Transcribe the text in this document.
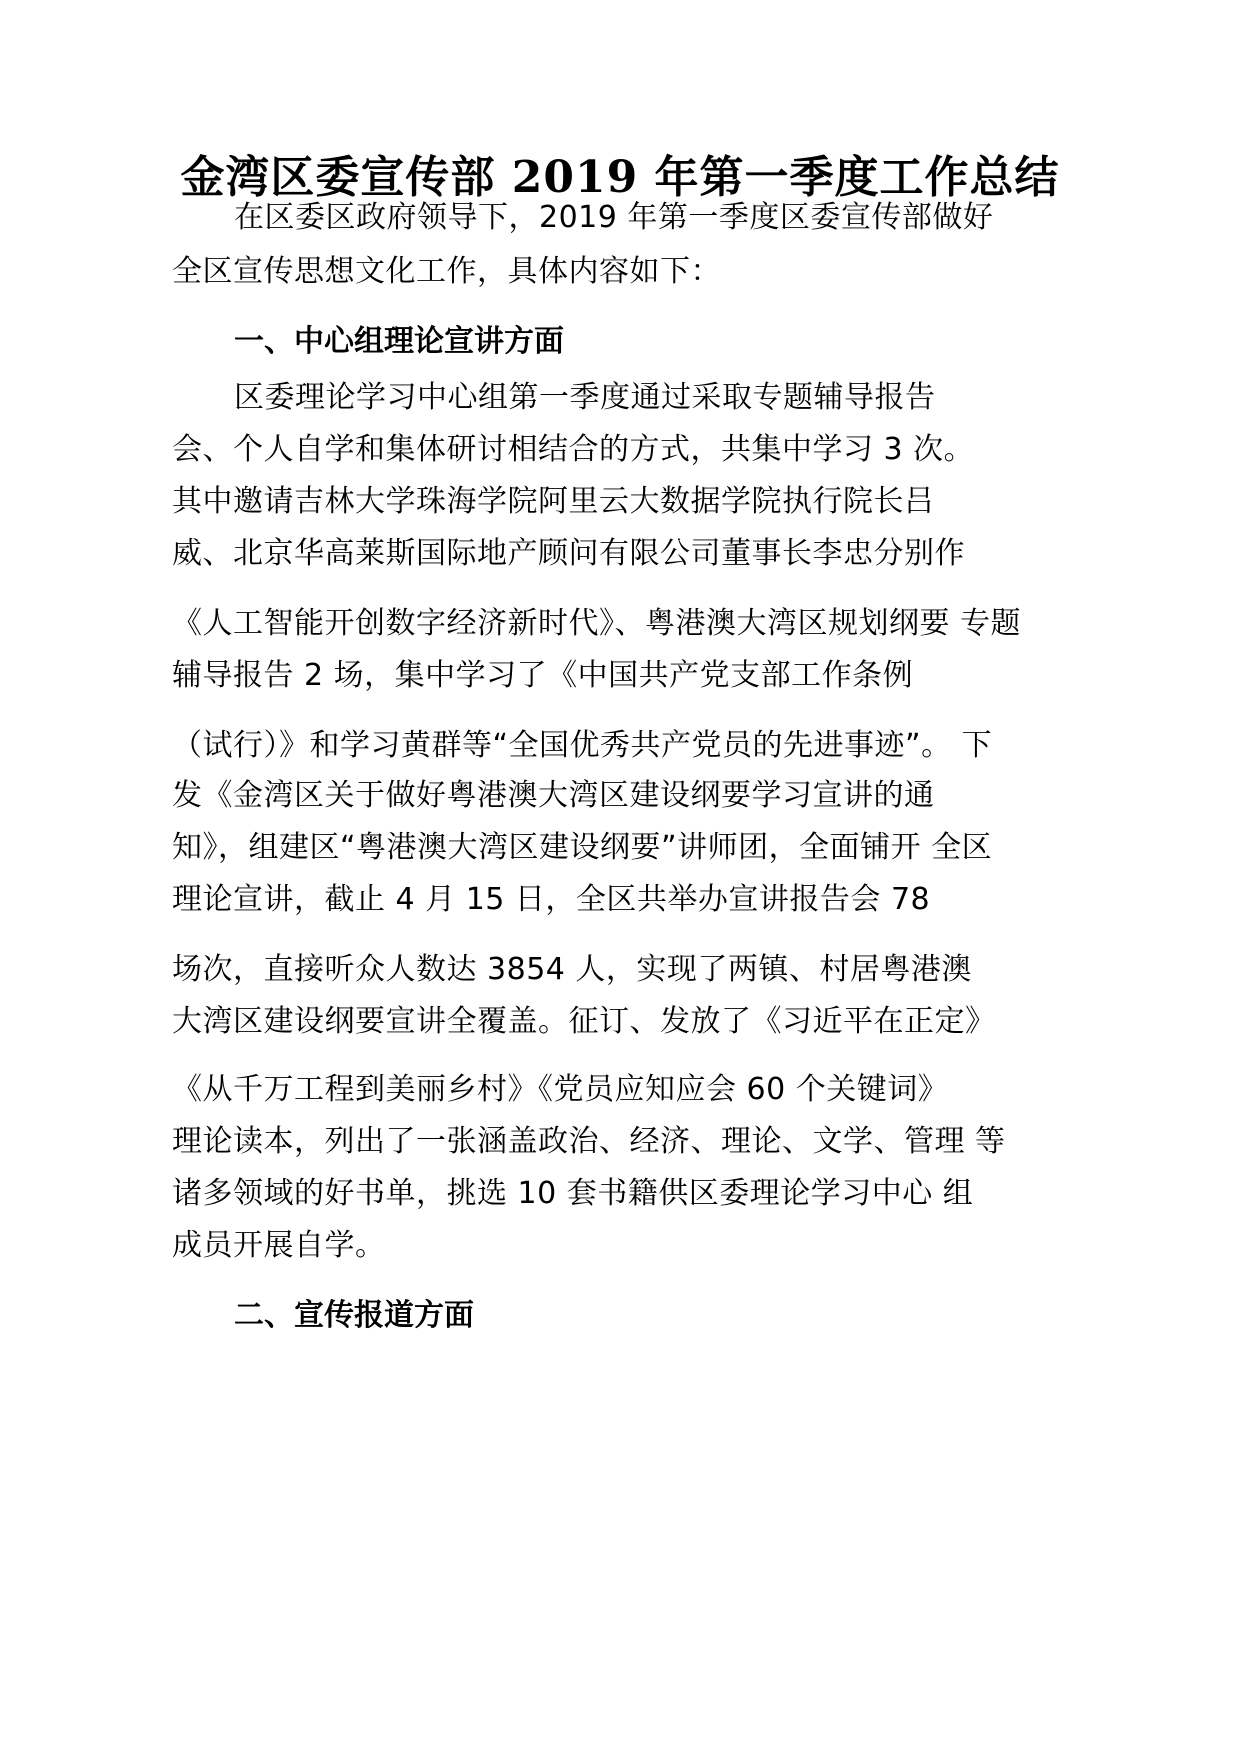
金湾区委宣传部 2019 年第一季度工作总结
在区委区政府领导下，2019 年第一季度区委宣传部做好
全区宣传思想文化工作，具体内容如下：
一、中心组理论宣讲方面
区委理论学习中心组第一季度通过采取专题辅导报告
会、个人自学和集体研讨相结合的方式，共集中学习 3 次。
其中邀请吉林大学珠海学院阿里云大数据学院执行院长吕
威、北京华高莱斯国际地产顾问有限公司董事长李忠分别作
《人工智能开创数字经济新时代》、粤港澳大湾区规划纲要 专题
辅导报告 2 场，集中学习了《中国共产党支部工作条例
（试行）》和学习黄群等“全国优秀共产党员的先进事迹”。 下
发《金湾区关于做好粤港澳大湾区建设纲要学习宣讲的通
知》，组建区“粤港澳大湾区建设纲要”讲师团，全面铺开 全区
理论宣讲，截止 4 月 15 日，全区共举办宣讲报告会 78
场次，直接听众人数达 3854 人，实现了两镇、村居粤港澳
大湾区建设纲要宣讲全覆盖。征订、发放了《习近平在正定》
《从千万工程到美丽乡村》《党员应知应会 60 个关键词》
理论读本，列出了一张涵盖政治、经济、理论、文学、管理 等
诸多领域的好书单，挑选 10 套书籍供区委理论学习中心 组
成员开展自学。
二、宣传报道方面
